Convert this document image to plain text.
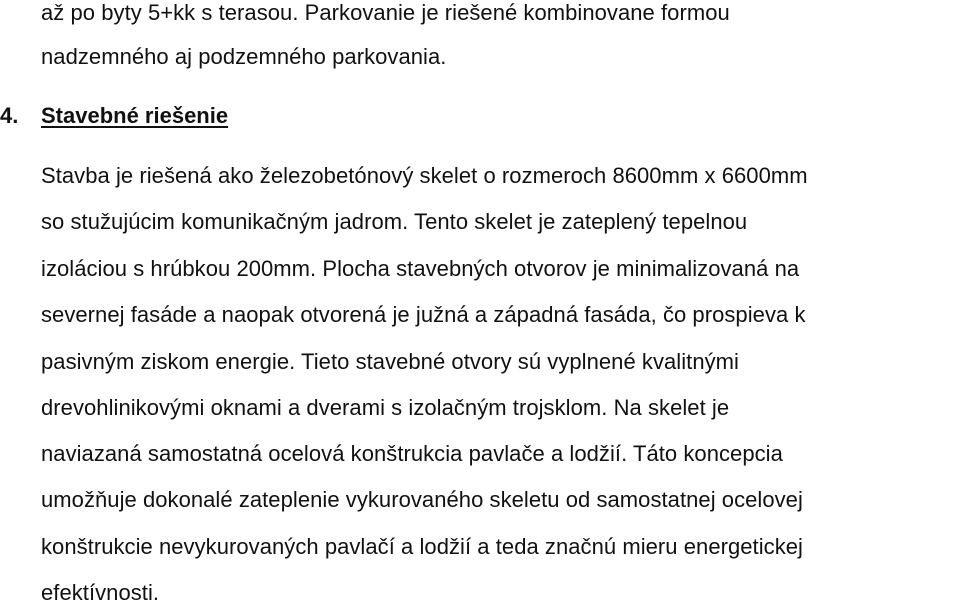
až po byty 5+kk s terasou. Parkovanie je riešené kombinovane formou
nadzemného aj podzemného parkovania.
4. Stavebné riešenie
Stavba je riešená ako železobetónový skelet o rozmeroch 8600mm x 6600mm
so stužujúcim komunikačným jadrom. Tento skelet je zateplený tepelnou
izoláciou s hrúbkou 200mm. Plocha stavebných otvorov je minimalizovaná na
severnej fasáde a naopak otvorená je južná a západná fasáda, čo prospieva k
pasivným ziskom energie. Tieto stavebné otvory sú vyplnené kvalitnými
drevohlinikovými oknami a dverami s izolačným trojsklom. Na skelet je
naviazaná samostatná ocelová konštrukcia pavlače a lodžií. Táto koncepcia
umožňuje dokonalé zateplenie vykurovaného skeletu od samostatnej ocelovej
konštrukcie nevykurovaných pavlačí a lodžií a teda značnú mieru energetickej
efektívnosti.
